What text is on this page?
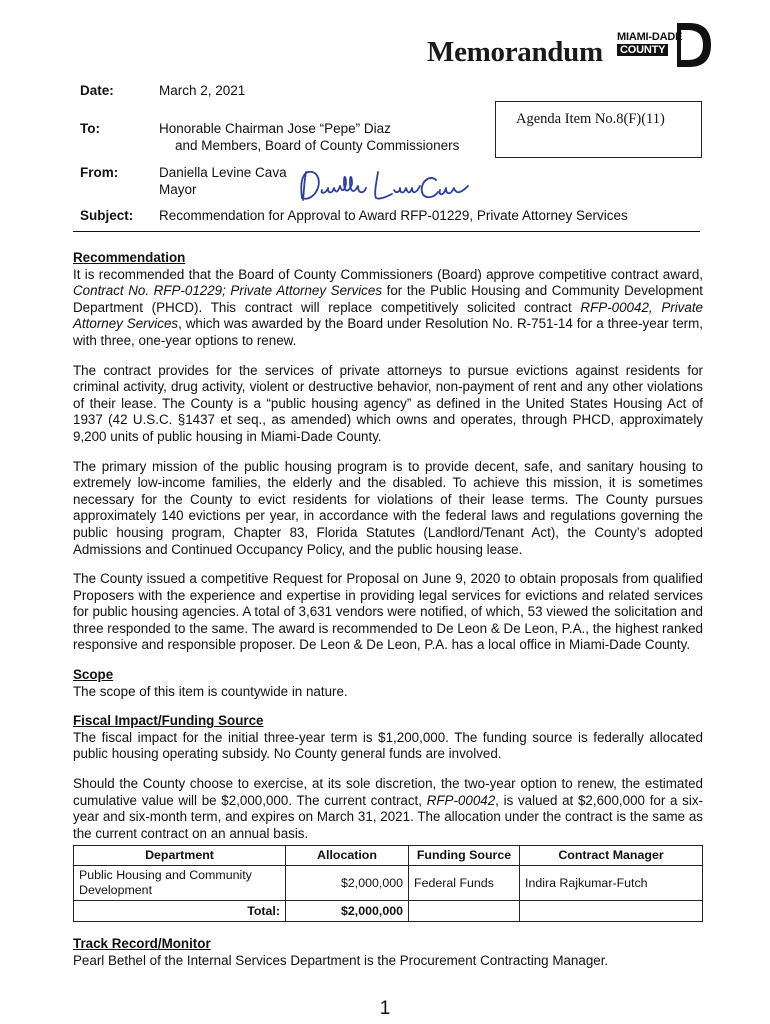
Memorandum MIAMI-DADE
COUNTY
Date:	March 2, 2021
To:	Honorable Chairman Jose “Pepe” Diaz
and Members, Board of County Commissioners
From:	Daniella Levine Cava
Mayor
Subject: Recommendation for Approval to Award RFP-01229, Private Attorney Services
Agenda Item No.8(F)(11)

Recommendation
It is recommended that the Board of County Commissioners (Board) approve competitive contract award, Contract No. RFP-01229; Private Attorney Services for the Public Housing and Community Development Department (PHCD). This contract will replace competitively solicited contract RFP-00042, Private Attorney Services, which was awarded by the Board under Resolution No. R-751-14 for a three-year term, with three, one-year options to renew.

The contract provides for the services of private attorneys to pursue evictions against residents for criminal activity, drug activity, violent or destructive behavior, non-payment of rent and any other violations of their lease. The County is a “public housing agency” as defined in the United States Housing Act of 1937 (42 U.S.C. §1437 et seq., as amended) which owns and operates, through PHCD, approximately 9,200 units of public housing in Miami-Dade County.

The primary mission of the public housing program is to provide decent, safe, and sanitary housing to extremely low-income families, the elderly and the disabled. To achieve this mission, it is sometimes necessary for the County to evict residents for violations of their lease terms. The County pursues approximately 140 evictions per year, in accordance with the federal laws and regulations governing the public housing program, Chapter 83, Florida Statutes (Landlord/Tenant Act), the County’s adopted Admissions and Continued Occupancy Policy, and the public housing lease.

The County issued a competitive Request for Proposal on June 9, 2020 to obtain proposals from qualified Proposers with the experience and expertise in providing legal services for evictions and related services for public housing agencies. A total of 3,631 vendors were notified, of which, 53 viewed the solicitation and three responded to the same. The award is recommended to De Leon & De Leon, P.A., the highest ranked responsive and responsible proposer. De Leon & De Leon, P.A. has a local office in Miami-Dade County.

Scope
The scope of this item is countywide in nature.

Fiscal Impact/Funding Source
The fiscal impact for the initial three-year term is $1,200,000. The funding source is federally allocated public housing operating subsidy. No County general funds are involved.

Should the County choose to exercise, at its sole discretion, the two-year option to renew, the estimated cumulative value will be $2,000,000. The current contract, RFP-00042, is valued at $2,600,000 for a six-year and six-month term, and expires on March 31, 2021. The allocation under the contract is the same as the current contract on an annual basis.

Department	Allocation	Funding Source	Contract Manager
Public Housing and Community Development	$2,000,000	Federal Funds	Indira Rajkumar-Futch
Total:	$2,000,000		

Track Record/Monitor
Pearl Bethel of the Internal Services Department is the Procurement Contracting Manager.

1
